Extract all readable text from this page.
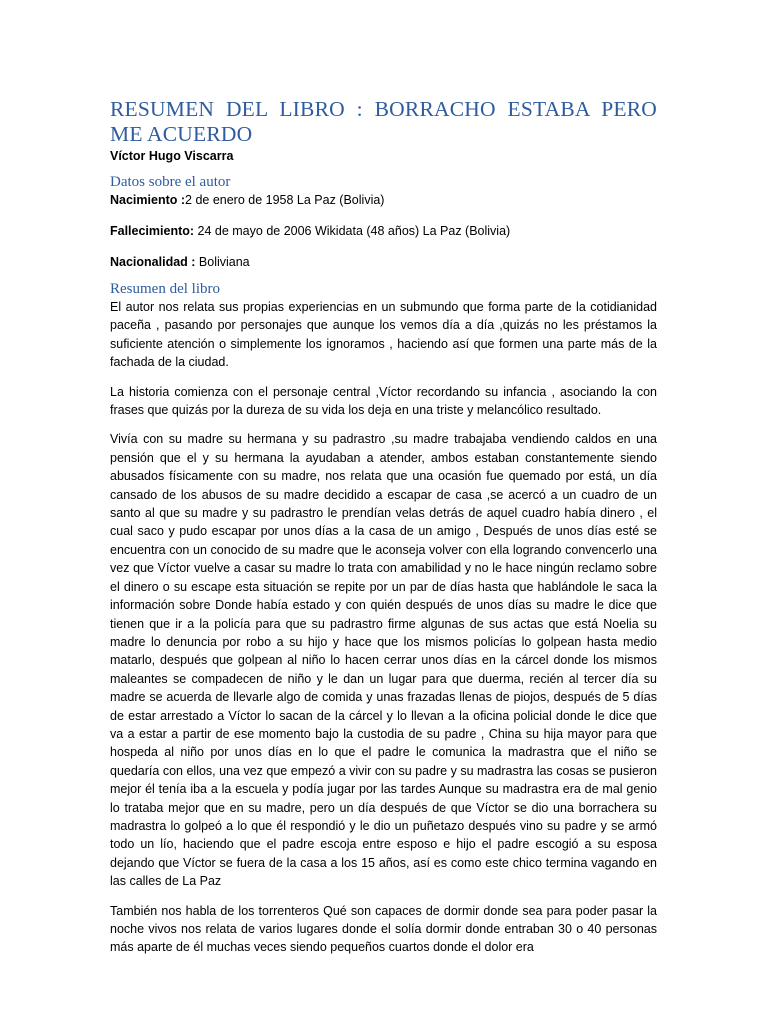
RESUMEN DEL LIBRO : BORRACHO ESTABA PERO ME ACUERDO

Víctor Hugo Viscarra

Datos sobre el autor

Nacimiento :2 de enero de 1958 La Paz (Bolivia)

Fallecimiento: 24 de mayo de 2006 Wikidata (48 años) La Paz (Bolivia)

Nacionalidad : Boliviana

Resumen del libro

El autor nos relata sus propias experiencias en un submundo que forma parte de la cotidianidad paceña , pasando por personajes que aunque los vemos día a día ,quizás no les préstamos la suficiente atención o simplemente los ignoramos , haciendo así que formen una parte más de la fachada de la ciudad.

La historia comienza con el personaje central ,Víctor recordando su infancia , asociando la con frases que quizás por la dureza de su vida los deja en una triste y melancólico resultado.

Vivía con su madre su hermana y su padrastro ,su madre trabajaba vendiendo caldos en una pensión que el y su hermana la ayudaban a atender, ambos estaban constantemente siendo abusados físicamente con su madre, nos relata que una ocasión fue quemado por está, un día cansado de los abusos de su madre decidido a escapar de casa ,se acercó a un cuadro de un santo al que su madre y su padrastro le prendían velas detrás de aquel cuadro había dinero , el cual saco y pudo escapar por unos días a la casa de un amigo , Después de unos días esté se encuentra con un conocido de su madre que le aconseja volver con ella logrando convencerlo una vez que Víctor vuelve a casar su madre lo trata con amabilidad y no le hace ningún reclamo sobre el dinero o su escape esta situación se repite por un par de días hasta que hablándole le saca la información sobre Donde había estado y con quién después de unos días su madre le dice que tienen que ir a la policía para que su padrastro firme algunas de sus actas que está Noelia su madre lo denuncia por robo a su hijo y hace que los mismos policías lo golpean hasta medio matarlo, después que golpean al niño lo hacen cerrar unos días en la cárcel donde los mismos maleantes se compadecen de niño y le dan un lugar para que duerma, recién al tercer día su madre se acuerda de llevarle algo de comida y unas frazadas llenas de piojos, después de 5 días de estar arrestado a Víctor lo sacan de la cárcel y lo llevan a la oficina policial donde le dice que va a estar a partir de ese momento bajo la custodia de su padre , China su hija mayor para que hospeda al niño por unos días en lo que el padre le comunica la madrastra que el niño se quedaría con ellos, una vez que empezó a vivir con su padre y su madrastra las cosas se pusieron mejor él tenía iba a la escuela y podía jugar por las tardes Aunque su madrastra era de mal genio lo trataba mejor que en su madre, pero un día después de que Víctor se dio una borrachera su madrastra lo golpeó a lo que él respondió y le dio un puñetazo después vino su padre y se armó todo un lío, haciendo que el padre escoja entre esposo e hijo el padre escogió a su esposa dejando que Víctor se fuera de la casa a los 15 años, así es como este chico termina vagando en las calles de La Paz

También nos habla de los torrenteros Qué son capaces de dormir donde sea para poder pasar la noche vivos nos relata de varios lugares donde el solía dormir donde entraban 30 o 40 personas más aparte de él muchas veces siendo pequeños cuartos donde el dolor era
